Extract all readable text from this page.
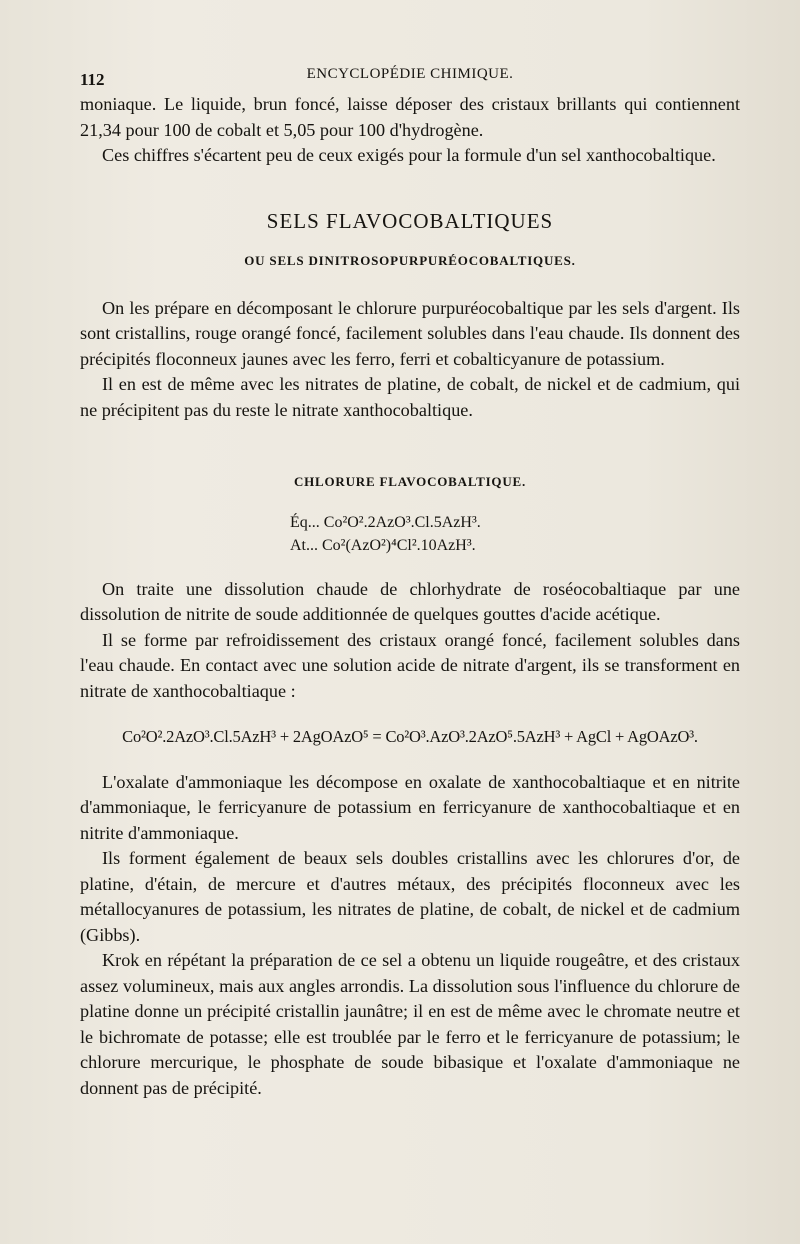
112	ENCYCLOPÉDIE CHIMIQUE.

moniaque. Le liquide, brun foncé, laisse déposer des cristaux brillants qui contiennent 21,34 pour 100 de cobalt et 5,05 pour 100 d'hydrogène.

Ces chiffres s'écartent peu de ceux exigés pour la formule d'un sel xanthocobaltique.

SELS FLAVOCOBALTIQUES
OU SELS DINITROSOPURPURÉOCOBALTIQUES.

On les prépare en décomposant le chlorure purpuréocobaltique par les sels d'argent. Ils sont cristallins, rouge orangé foncé, facilement solubles dans l'eau chaude. Ils donnent des précipités floconneux jaunes avec les ferro, ferri et cobalticyanure de potassium.

Il en est de même avec les nitrates de platine, de cobalt, de nickel et de cadmium, qui ne précipitent pas du reste le nitrate xanthocobaltique.

CHLORURE FLAVOCOBALTIQUE.
Éq... Co²O².2AzO³.Cl.5AzH³.
At... Co²(AzO²)⁴Cl².10AzH³.

On traite une dissolution chaude de chlorhydrate de roséocobaltiaque par une dissolution de nitrite de soude additionnée de quelques gouttes d'acide acétique.

Il se forme par refroidissement des cristaux orangé foncé, facilement solubles dans l'eau chaude. En contact avec une solution acide de nitrate d'argent, ils se transforment en nitrate de xanthocobaltiaque :

Co²O².2AzO³.Cl.5AzH³ + 2AgOAzO⁵ = Co²O³.AzO³.2AzO⁵.5AzH³ + AgCl + AgOAzO³.

L'oxalate d'ammoniaque les décompose en oxalate de xanthocobaltiaque et en nitrite d'ammoniaque, le ferricyanure de potassium en ferricyanure de xanthocobaltiaque et en nitrite d'ammoniaque.

Ils forment également de beaux sels doubles cristallins avec les chlorures d'or, de platine, d'étain, de mercure et d'autres métaux, des précipités floconneux avec les métallocyanures de potassium, les nitrates de platine, de cobalt, de nickel et de cadmium (Gibbs).

Krok en répétant la préparation de ce sel a obtenu un liquide rougeâtre, et des cristaux assez volumineux, mais aux angles arrondis. La dissolution sous l'influence du chlorure de platine donne un précipité cristallin jaunâtre; il en est de même avec le chromate neutre et le bichromate de potasse; elle est troublée par le ferro et le ferricyanure de potassium; le chlorure mercurique, le phosphate de soude bibasique et l'oxalate d'ammoniaque ne donnent pas de précipité.
